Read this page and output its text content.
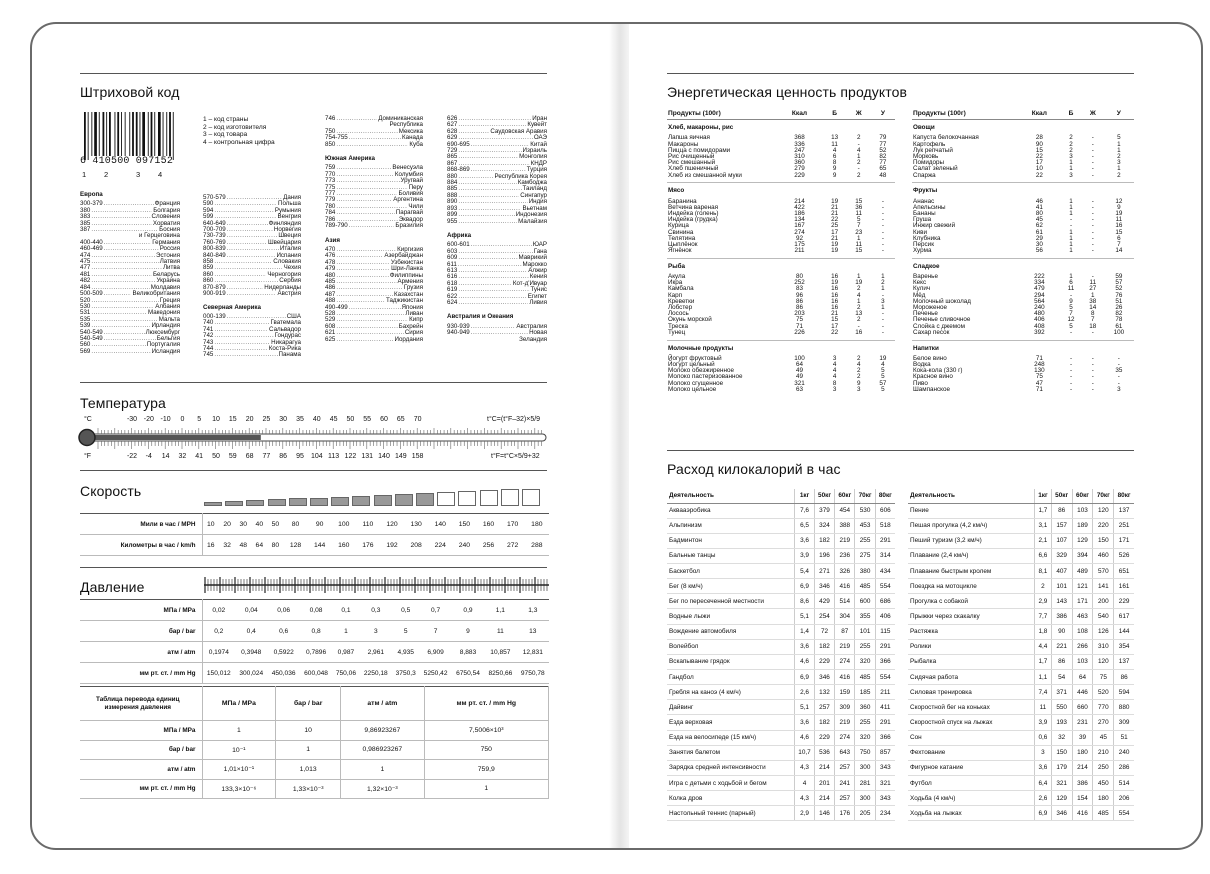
Штриховой код
6 410500 097152
1 2	3 4
1 – код страны
2 – код изготовителя
3 – код товара
4 – контрольная цифра
Европа
300-379 .....	Франция
380 .....	Болгария
383 .....	Словения
385 .....	Хорватия
387 .....	Босния
и Герцеговина
400-440 .....	Германия
460-469 .....	Россия
474 .....	Эстония
475 .....	Латвия
477 .....	Литва
481 .....	Беларусь
482 .....	Украина
484 .....	Молдавия
500-509 .....	Великобритания
520 .....	Греция
530 .....	Албания
531 .....	Македония
535 .....	Мальта
539 .....	Ирландия
540-549 .....	Люксембург
540-549 .....	Бельгия
560 .....	Португалия
569 .....	Исландия
570-579 .....	Дания
590 .....	Польша
594 .....	Румыния
599 .....	Венгрия
640-649 .....	Финляндия
700-709 .....	Норвегия
730-739 .....	Швеция
760-769 .....	Швейцария
800-839 .....	Италия
840-849 .....	Испания
858 .....	Словакия
859 .....	Чехия
860 .....	Черногория
860 .....	Сербия
870-879 .....	Нидерланды
900-919 .....	Австрия
Северная Америка
000-139 .....	США
740 .....	Гватемала
741 .....	Сальвадор
742 .....	Гондурас
743 .....	Никарагуа
744 .....	Коста-Рика
745 .....	Панама
746 .....	Доминиканская
Республика
750 .....	Мексика
754-755 .....	Канада
850 .....	Куба
Южная Америка
759 .....	Венесуэла
770 .....	Колумбия
773 .....	Уругвай
775 .....	Перу
777 .....	Боливия
779 .....	Аргентина
780 .....	Чили
784 .....	Парагвай
786 .....	Эквадор
789-790 .....	Бразилия
Азия
470 .....	Киргизия
476 .....	Азербайджан
478 .....	Узбекистан
479 .....	Шри-Ланка
480 .....	Филиппины
485 .....	Армения
486 .....	Грузия
487 .....	Казахстан
488 .....	Таджикистан
490-499 .....	Япония
528 .....	Ливан
529 .....	Кипр
608 .....	Бахрейн
621 .....	Сирия
625 .....	Иордания
626 .....	Иран
627 .....	Кувейт
628 .....	Саудовская Аравия
629 .....	ОАЭ
690-695 .....	Китай
729 .....	Израиль
865 .....	Монголия
867 .....	КНДР
868-869 .....	Турция
880 .....	Республика Корея
884 .....	Камбоджа
885 .....	Таиланд
888 .....	Сингапур
890 .....	Индия
893 .....	Вьетнам
899 .....	Индонезия
955 .....	Малайзия
Африка
600-601 .....	ЮАР
603 .....	Гана
609 .....	Маврикий
611 .....	Марокко
613 .....	Алжир
616 .....	Кения
618 .....	Кот-д'Ивуар
619 .....	Тунис
622 .....	Египет
624 .....	Ливия
Австралия и Океания
930-939 .....	Австралия
940-949 .....	Новая
Зеландия
Температура
°C	-30 -20 -10	0	5	10	15	20	25	30	35	40	45	50	55	60	65	70	t°C=(t°F–32)×5/9
°F	-22	-4	14	32	41	50	59	68	77	86	95	104 113 122 131 140 149 158	t°F=t°C×5/9+32
Скорость
Мили в час / MPH	10	20	30	40	50	80	90	100	110	120	130	140	150	160	170	180
Километры в час / km/h	16	32	48	64	80	128	144	160	176	192	208	224	240	256	272	288
Давление
МПа / MPa	0,02	0,04	0,06	0,08	0,1	0,3	0,5	0,7	0,9	1,1	1,3
бар / bar	0,2	0,4	0,6	0,8	1	3	5	7	9	11	13
атм / atm	0,1974	0,3948	0,5922	0,7896	0,987	2,961	4,935	6,909	8,883	10,857	12,831
мм рт. ст. / mm Hg	150,012	300,024	450,036	600,048	750,06	2250,18	3750,3	5250,42	6750,54	8250,66	9750,78
Таблица перевода единиц измерения давления	МПа / MPa	бар / bar	атм / atm	мм рт. ст. / mm Hg
МПа / MPa	1	10	9,86923267	7,5006×10³
бар / bar	10⁻¹	1	0,986923267	750
атм / atm	1,01×10⁻¹	1,013	1	759,9
мм рт. ст. / mm Hg	133,3×10⁻⁶	1,33×10⁻³	1,32×10⁻³	1
Энергетическая ценность продуктов
Продукты (100г)	Ккал	Б	Ж	У
Хлеб, макароны, рис				
Лапша яичная	368	13	2	79
Макароны	336	11	-	77
Пицца с помидорами	247	4	4	52
Рис очищенный	310	6	1	82
Рис смешанный	360	8	2	77
Хлеб пшеничный	279	9	-	65
Хлеб из смешанной муки	229	9	2	48

Мясо				
Баранина	214	19	15	-
Ветчина вареная	422	21	36	-
Индейка (голень)	186	21	11	-
Индейка (грудка)	134	22	5	-
Курица	167	25	7	-
Свинина	274	17	23	-
Телятина	92	21	1	-
Цыплёнок	175	19	11	-
Ягнёнок	211	19	15	-

Рыба				
Акула	80	16	1	1
Икра	252	19	19	2
Камбала	83	16	2	1
Карп	96	16	4	-
Креветки	86	16	1	3
Лобстер	86	16	2	1
Лосось	203	21	13	-
Окунь морской	75	15	2	-
Треска	71	17	-	-
Тунец	226	22	16	-

Молочные продукты				
Йогурт фруктовый	100	3	2	19
Йогурт цельный	64	4	4	4
Молоко обезжиренное	49	4	2	5
Молоко пастеризованное	49	4	2	5
Молоко сгущенное	321	8	9	57
Молоко цельное	63	3	3	5
Продукты (100г)	Ккал	Б	Ж	У
Овощи				
Капуста белокочанная	28	2	-	5
Картофель	90	2	-	1
Лук репчатый	15	2	-	1
Морковь	22	3	-	2
Помидоры	17	1	-	3
Салат зеленый	10	1	-	1
Спаржа	22	3	-	2

Фрукты				
Ананас	46	1	-	12
Апельсины	41	1	-	9
Бананы	80	1	-	19
Груша	45	-	-	11
Инжир свежий	62	-	-	16
Киви	61	1	-	15
Клубника	29	1	-	6
Персик	30	1	-	7
Хурма	56	1	-	14

Сладкое				
Варенье	222	1	-	59
Кекс	334	6	11	57
Кулич	479	11	27	52
Мёд	294	-	1	76
Молочный шоколад	564	9	38	51
Мороженое	240	5	14	26
Печенье	480	7	8	82
Печенье сливочное	406	12	7	78
Слойка с джемом	408	5	18	61
Сахар песок	392	-	-	100

Напитки				
Белое вино	71	-	-	-
Водка	248	-	-	-
Кока-кола (330 г)	130	-	-	35
Красное вино	75	-	-	-
Пиво	47	-	-	-
Шампанское	71	-	-	3
Расход килокалорий в час
Деятельность	1кг	50кг	60кг	70кг	80кг
Аквааэробика	7,6	379	454	530	606
Альпинизм	6,5	324	388	453	518
Бадминтон	3,6	182	219	255	291
Бальные танцы	3,9	196	236	275	314
Баскетбол	5,4	271	326	380	434
Бег (8 км/ч)	6,9	346	416	485	554
Бег по пересеченной местности	8,6	429	514	600	686
Водные лыжи	5,1	254	304	355	406
Вождение автомобиля	1,4	72	87	101	115
Волейбол	3,6	182	219	255	291
Вскапывание грядок	4,6	229	274	320	366
Гандбол	6,9	346	416	485	554
Гребля на каноэ (4 км/ч)	2,6	132	159	185	211
Дайвинг	5,1	257	309	360	411
Езда верховая	3,6	182	219	255	291
Езда на велосипеде (15 км/ч)	4,6	229	274	320	366
Занятия балетом	10,7	536	643	750	857
Зарядка средней интенсивности	4,3	214	257	300	343
Игра с детьми с ходьбой и бегом	4	201	241	281	321
Колка дров	4,3	214	257	300	343
Настольный теннис (парный)	2,9	146	176	205	234
Деятельность	1кг	50кг	60кг	70кг	80кг
Пение	1,7	86	103	120	137
Пешая прогулка (4,2 км/ч)	3,1	157	189	220	251
Пеший туризм (3,2 км/ч)	2,1	107	129	150	171
Плавание (2,4 км/ч)	6,6	329	394	460	526
Плавание быстрым кролем	8,1	407	489	570	651
Поездка на мотоцикле	2	101	121	141	161
Прогулка с собакой	2,9	143	171	200	229
Прыжки через скакалку	7,7	386	463	540	617
Растяжка	1,8	90	108	126	144
Ролики	4,4	221	266	310	354
Рыбалка	1,7	86	103	120	137
Сидячая работа	1,1	54	64	75	86
Силовая тренировка	7,4	371	446	520	594
Скоростной бег на коньках	11	550	660	770	880
Скоростной спуск на лыжах	3,9	193	231	270	309
Сон	0,6	32	39	45	51
Фехтование	3	150	180	210	240
Фигурное катание	3,6	179	214	250	286
Футбол	6,4	321	386	450	514
Ходьба (4 км/ч)	2,6	129	154	180	206
Ходьба на лыжах	6,9	346	416	485	554
